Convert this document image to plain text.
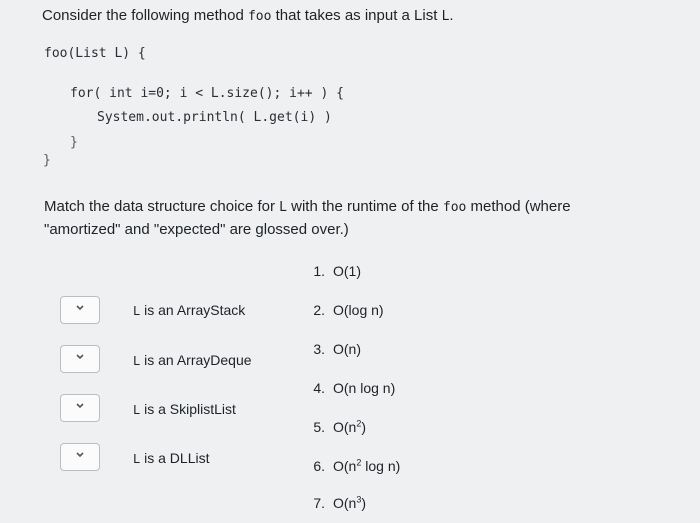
Consider the following method foo that takes as input a List L.
foo(List L) {
for( int i=0; i < L.size(); i++ ) {
System.out.println( L.get(i) )
}
}
Match the data structure choice for L with the runtime of the foo method (where
"amortized" and "expected" are glossed over.)
L is an ArrayStack
L is an ArrayDeque
L is a SkiplistList
L is a DLList
1. O(1)
2. O(log n)
3. O(n)
4. O(n log n)
5. $O(n^2)$
6. $O(n^2$ log n)
7. $O(n^3)$
